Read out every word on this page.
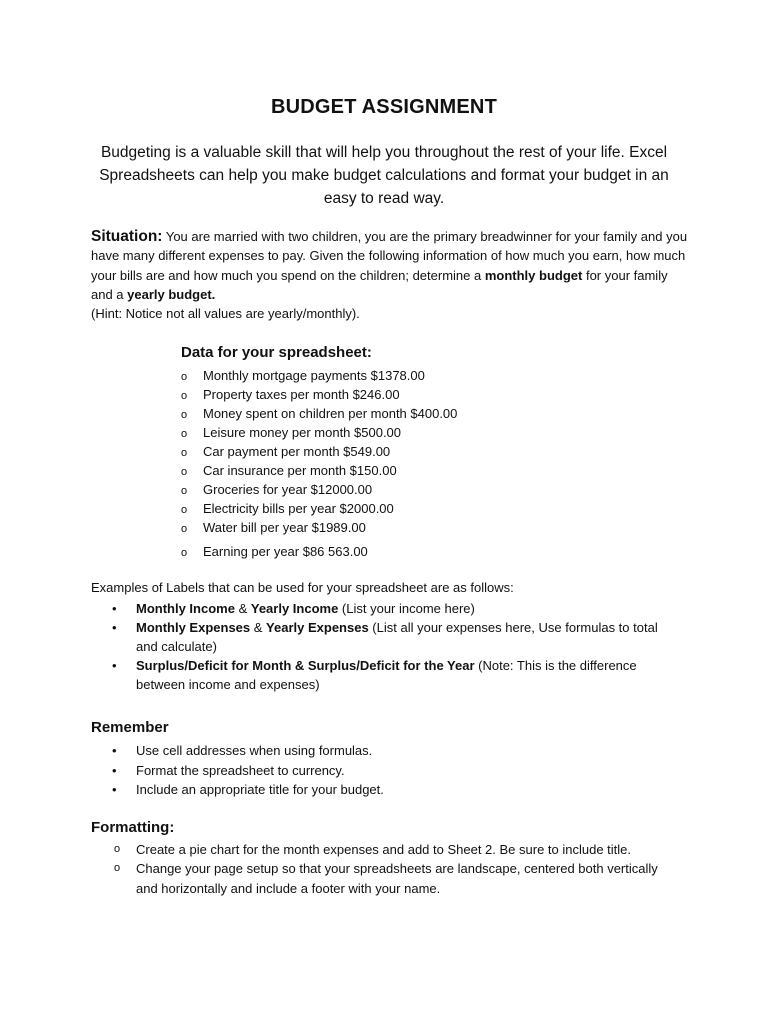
BUDGET ASSIGNMENT
Budgeting is a valuable skill that will help you throughout the rest of your life. Excel Spreadsheets can help you make budget calculations and format your budget in an easy to read way.
Situation: You are married with two children, you are the primary breadwinner for your family and you have many different expenses to pay. Given the following information of how much you earn, how much your bills are and how much you spend on the children; determine a monthly budget for your family and a yearly budget.
(Hint: Notice not all values are yearly/monthly).
Data for your spreadsheet:
o Monthly mortgage payments $1378.00
o Property taxes per month $246.00
o Money spent on children per month $400.00
o Leisure money per month $500.00
o Car payment per month $549.00
o Car insurance per month $150.00
o Groceries for year $12000.00
o Electricity bills per year $2000.00
o Water bill per year $1989.00
o Earning per year $86 563.00
Examples of Labels that can be used for your spreadsheet are as follows:
• Monthly Income & Yearly Income (List your income here)
• Monthly Expenses & Yearly Expenses (List all your expenses here, Use formulas to total and calculate)
• Surplus/Deficit for Month & Surplus/Deficit for the Year (Note: This is the difference between income and expenses)
Remember
• Use cell addresses when using formulas.
• Format the spreadsheet to currency.
• Include an appropriate title for your budget.
Formatting:
o Create a pie chart for the month expenses and add to Sheet 2. Be sure to include title.
o Change your page setup so that your spreadsheets are landscape, centered both vertically and horizontally and include a footer with your name.
